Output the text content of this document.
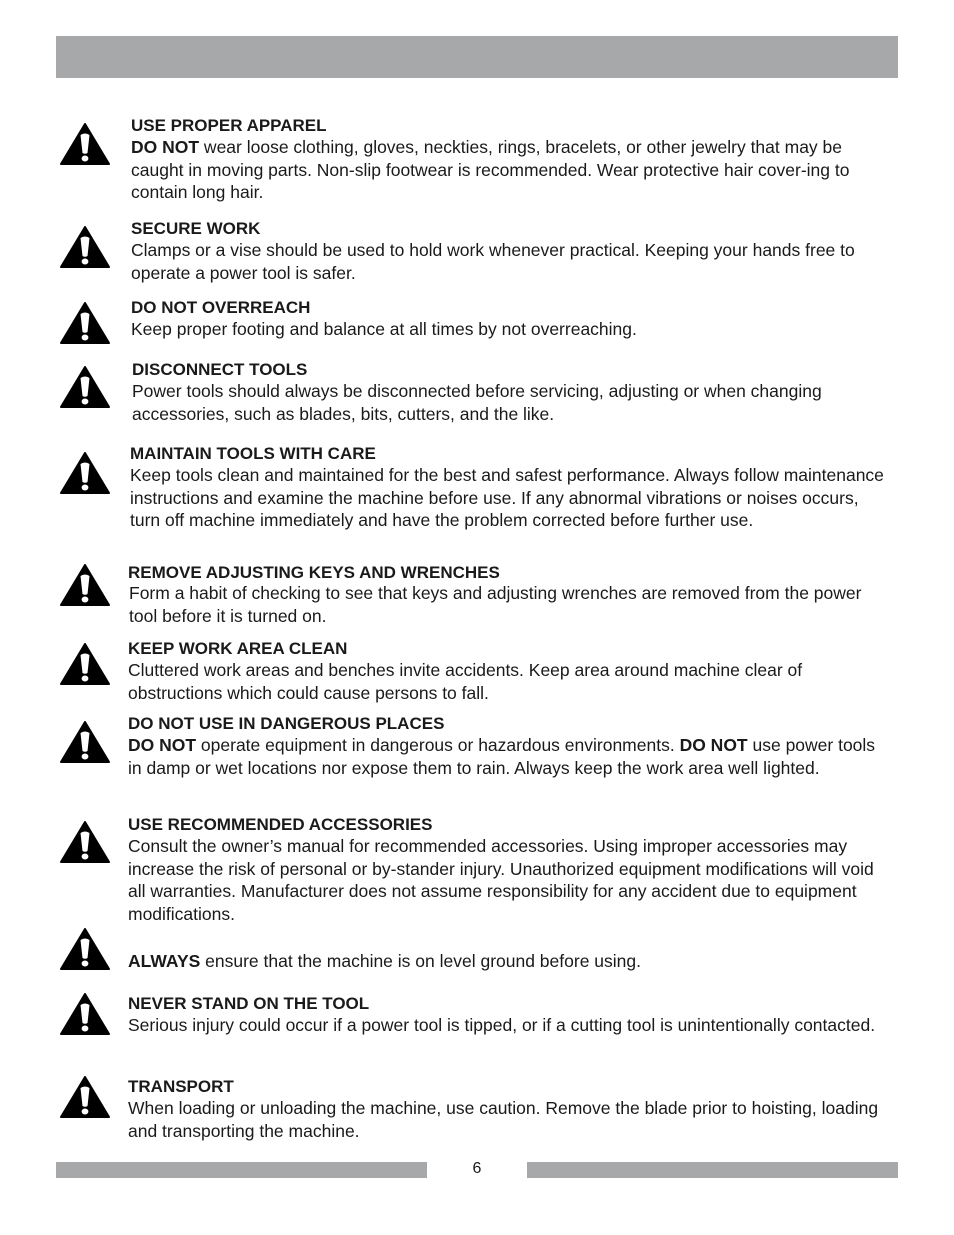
USE PROPER APPAREL
DO NOT wear loose clothing, gloves, neckties, rings, bracelets, or other jewelry that may be caught in moving parts. Non-slip footwear is recommended. Wear protective hair cover-ing to contain long hair.
SECURE WORK
Clamps or a vise should be used to hold work whenever practical. Keeping your hands free to operate a power tool is safer.
DO NOT OVERREACH
Keep proper footing and balance at all times by not overreaching.
DISCONNECT TOOLS
Power tools should always be disconnected before servicing, adjusting or when changing accessories, such as blades, bits, cutters, and the like.
MAINTAIN TOOLS WITH CARE
Keep tools clean and maintained for the best and safest performance. Always follow maintenance instructions and examine the machine before use. If any abnormal vibrations or noises occurs, turn off machine immediately and have the problem corrected before further use.
REMOVE ADJUSTING KEYS AND WRENCHES
Form a habit of checking to see that keys and adjusting wrenches are removed from the power tool before it is turned on.
KEEP WORK AREA CLEAN
Cluttered work areas and benches invite accidents. Keep area around machine clear of obstructions which could cause persons to fall.
DO NOT USE IN DANGEROUS PLACES
DO NOT operate equipment in dangerous or hazardous environments. DO NOT use power tools in damp or wet locations nor expose them to rain. Always keep the work area well lighted.
USE RECOMMENDED ACCESSORIES
Consult the owner’s manual for recommended accessories. Using improper accessories may increase the risk of personal or by-stander injury. Unauthorized equipment modifications will void all warranties. Manufacturer does not assume responsibility for any accident due to equipment modifications.
ALWAYS ensure that the machine is on level ground before using.
NEVER STAND ON THE TOOL
Serious injury could occur if a power tool is tipped, or if a cutting tool is unintentionally contacted.
TRANSPORT
When loading or unloading the machine, use caution. Remove the blade prior to hoisting, loading and transporting the machine.
6
